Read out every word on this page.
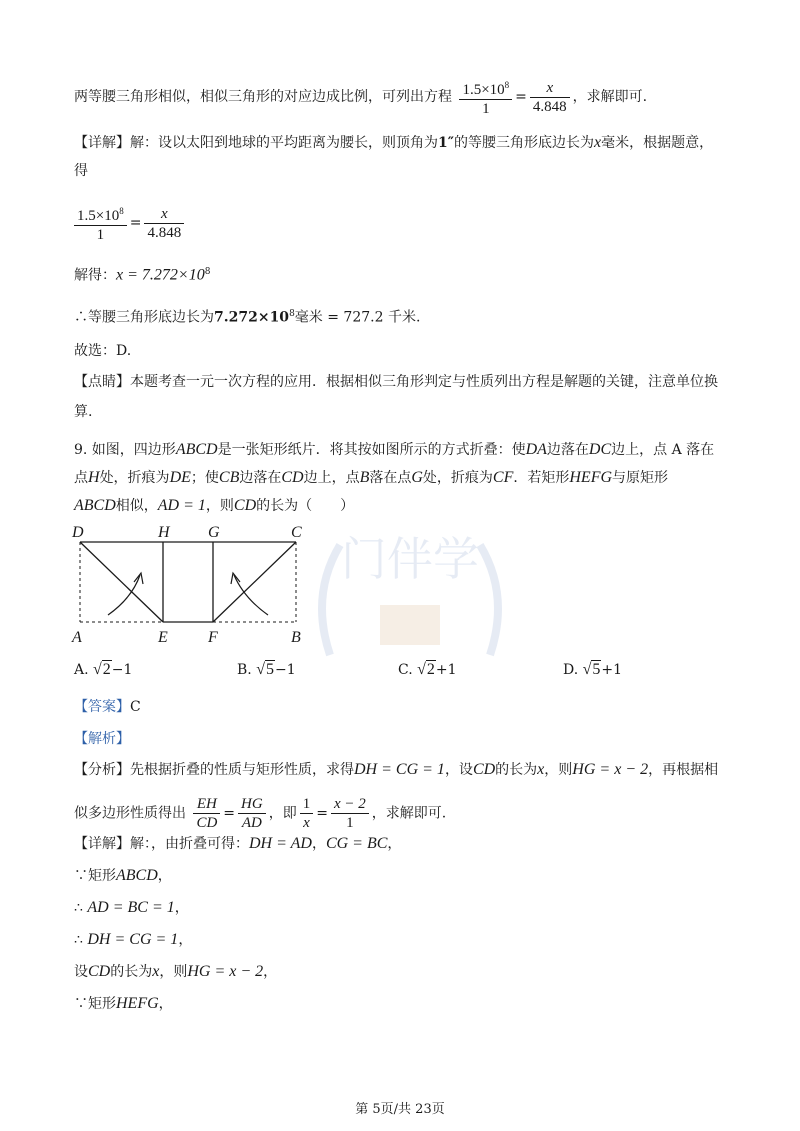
门伴学
两等腰三角形相似，相似三角形的对应边成比例，可列出方程 $\frac{1.5\times 10^8}{1} = \frac{x}{4.848}$ ，求解即可.
【详解】解：设以太阳到地球的平均距离为腰长，则顶角为1″的等腰三角形底边长为x毫米，根据题意，
得
$\frac{1.5\times 10^8}{1} = \frac{x}{4.848}$
解得：$x = 7.272\times 10^8$
∴等腰三角形底边长为$7.272\times 10^8$毫米 = 727.2 千米.
故选：D.
【点睛】本题考查一元一次方程的应用．根据相似三角形判定与性质列出方程是解题的关键，注意单位换
算.
9. 如图，四边形ABCD是一张矩形纸片．将其按如图所示的方式折叠：使DA边落在DC边上，点 A 落在
点H处，折痕为DE；使CB边落在CD边上，点B落在点G处，折痕为CF．若矩形HEFG与原矩形
ABCD相似，AD = 1，则CD的长为（　　）
D	H G	C
A	E	F	B
A. √2−1	B. √5−1	C. √2+1	D. √5+1
【答案】C
【解析】
【分析】先根据折叠的性质与矩形性质，求得DH = CG = 1，设CD的长为x，则HG = x − 2，再根据相
似多边形性质得出 $\frac{EH}{CD} = \frac{HG}{AD}$ ，即 $\frac{1}{x} = \frac{x - 2}{1}$ ，求解即可.
【详解】解：，由折叠可得：DH = AD，CG = BC，
∵矩形ABCD，
∴ AD = BC = 1，
∴ DH = CG = 1，
设CD的长为x，则HG = x − 2，
∵矩形HEFG，
第 5页/共 23页
